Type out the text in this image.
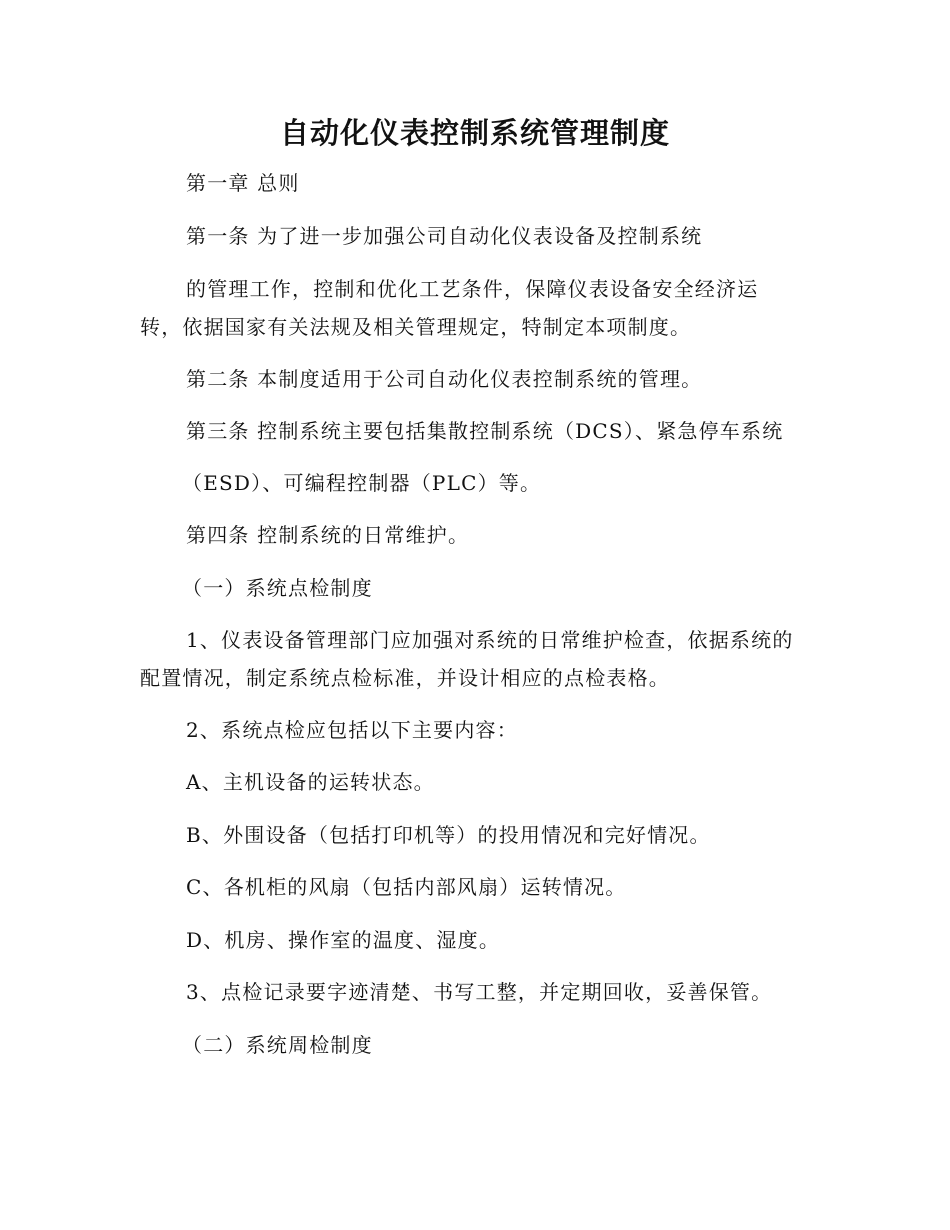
自动化仪表控制系统管理制度
第一章 总则
第一条 为了进一步加强公司自动化仪表设备及控制系统
的管理工作，控制和优化工艺条件，保障仪表设备安全经济运
转，依据国家有关法规及相关管理规定，特制定本项制度。
第二条 本制度适用于公司自动化仪表控制系统的管理。
第三条 控制系统主要包括集散控制系统（DCS）、紧急停车系统
（ESD）、可编程控制器（PLC）等。
第四条 控制系统的日常维护。
（一）系统点检制度
1、仪表设备管理部门应加强对系统的日常维护检查，依据系统的
配置情况，制定系统点检标准，并设计相应的点检表格。
2、系统点检应包括以下主要内容：
A、主机设备的运转状态。
B、外围设备（包括打印机等）的投用情况和完好情况。
C、各机柜的风扇（包括内部风扇）运转情况。
D、机房、操作室的温度、湿度。
3、点检记录要字迹清楚、书写工整，并定期回收，妥善保管。
（二）系统周检制度
